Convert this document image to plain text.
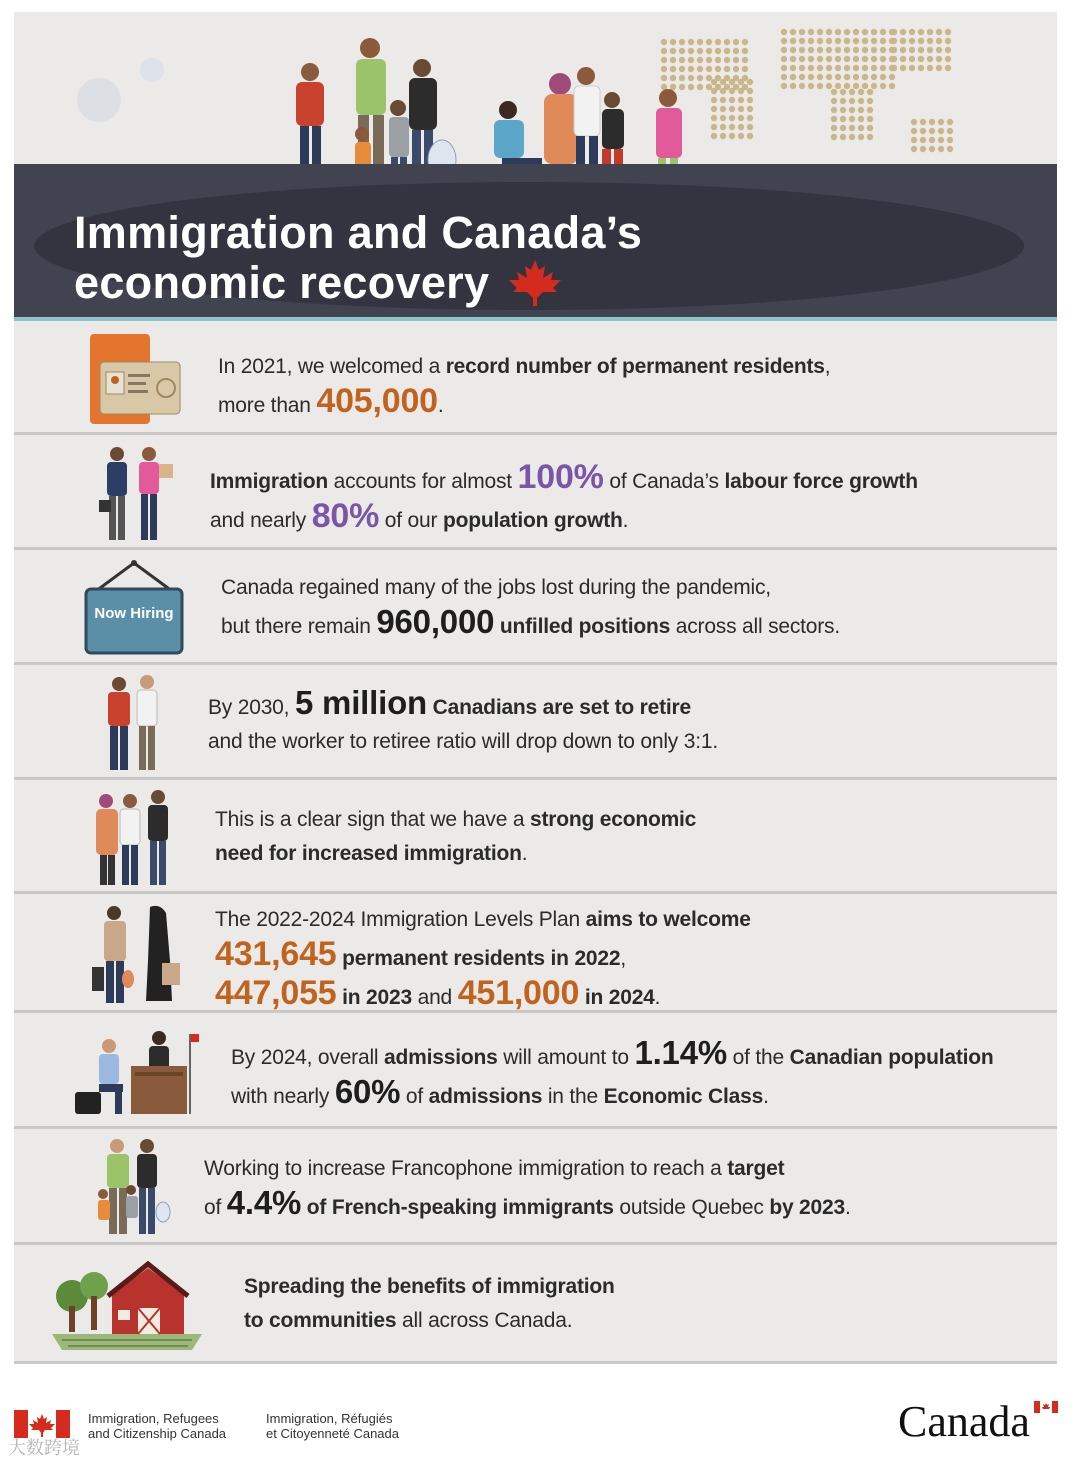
Immigration and Canada’s
economic recovery
In 2021, we welcomed a record number of permanent residents,
more than 405,000.
Immigration accounts for almost 100% of Canada’s labour force growth
and nearly 80% of our population growth.
Now Hiring
Canada regained many of the jobs lost during the pandemic,
but there remain 960,000 unfilled positions across all sectors.
By 2030, 5 million Canadians are set to retire
and the worker to retiree ratio will drop down to only 3:1.
This is a clear sign that we have a strong economic
need for increased immigration.
The 2022-2024 Immigration Levels Plan aims to welcome
431,645 permanent residents in 2022,
447,055 in 2023 and 451,000 in 2024.
By 2024, overall admissions will amount to 1.14% of the Canadian population
with nearly 60% of admissions in the Economic Class.
Working to increase Francophone immigration to reach a target
of 4.4% of French-speaking immigrants outside Quebec by 2023.
Spreading the benefits of immigration
to communities all across Canada.
Immigration, Refugees
and Citizenship Canada
Immigration, Réfugiés
et Citoyenneté Canada	Canada
大数跨境
